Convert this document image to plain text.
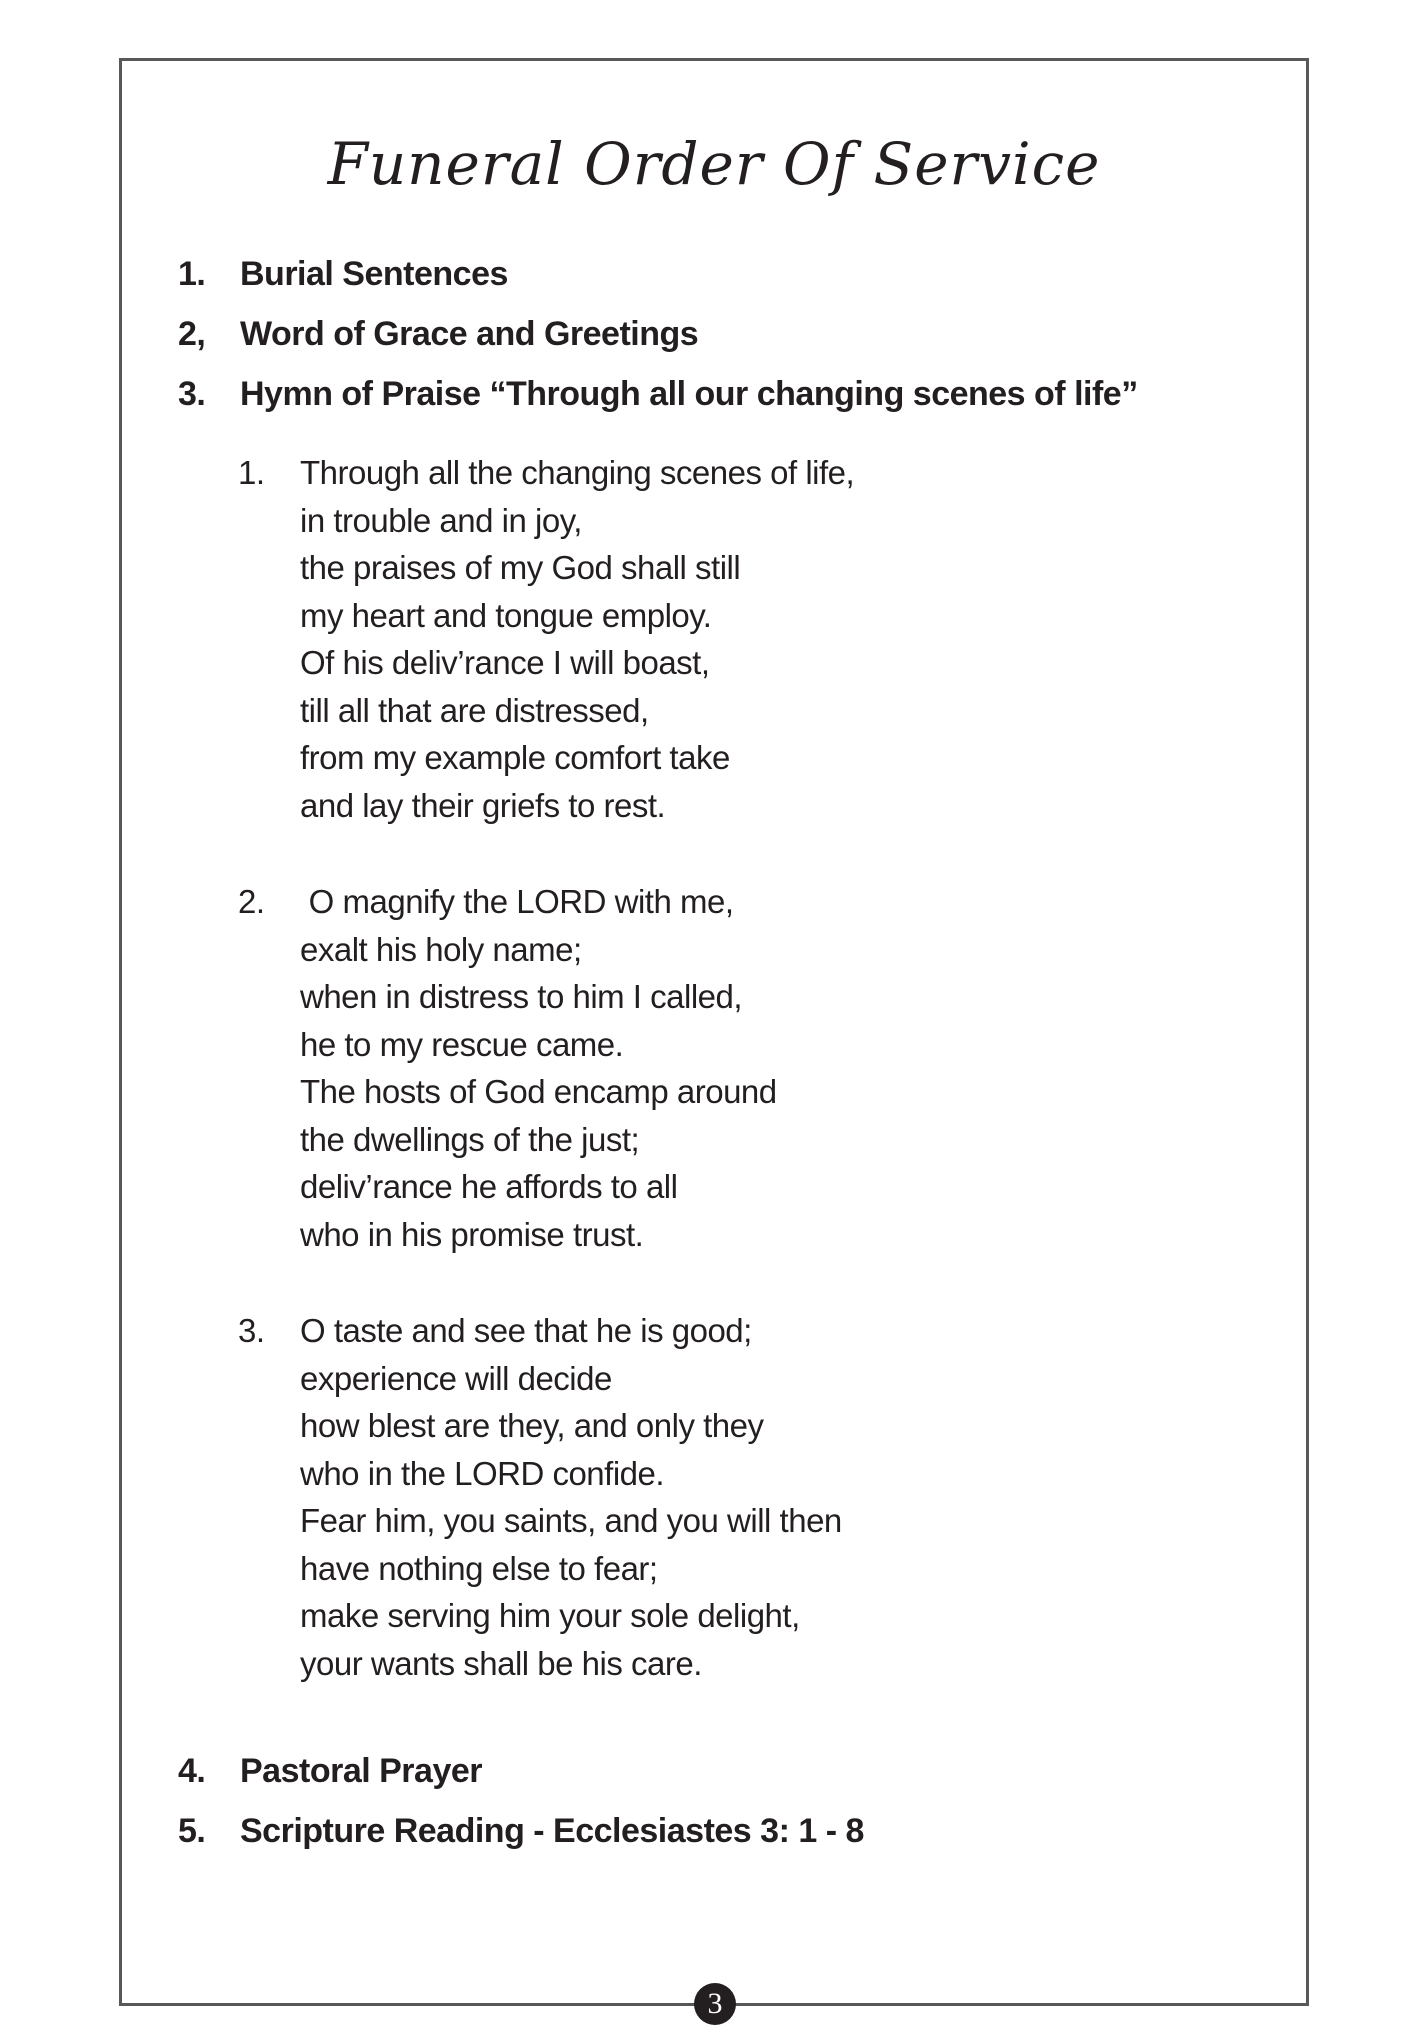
Funeral Order Of Service
1.	Burial Sentences
2,	Word of Grace and Greetings
3.	Hymn of Praise “Through all our changing scenes of life”
1.	Through all the changing scenes of life,
in trouble and in joy,
the praises of my God shall still
my heart and tongue employ.
Of his deliv’rance I will boast,
till all that are distressed,
from my example comfort take
and lay their griefs to rest.
2.	O magnify the LORD with me,
exalt his holy name;
when in distress to him I called,
he to my rescue came.
The hosts of God encamp around
the dwellings of the just;
deliv’rance he affords to all
who in his promise trust.
3.	O taste and see that he is good;
experience will decide
how blest are they, and only they
who in the LORD confide.
Fear him, you saints, and you will then
have nothing else to fear;
make serving him your sole delight,
your wants shall be his care.
4.	Pastoral Prayer
5.	Scripture Reading - Ecclesiastes 3: 1 - 8
3
